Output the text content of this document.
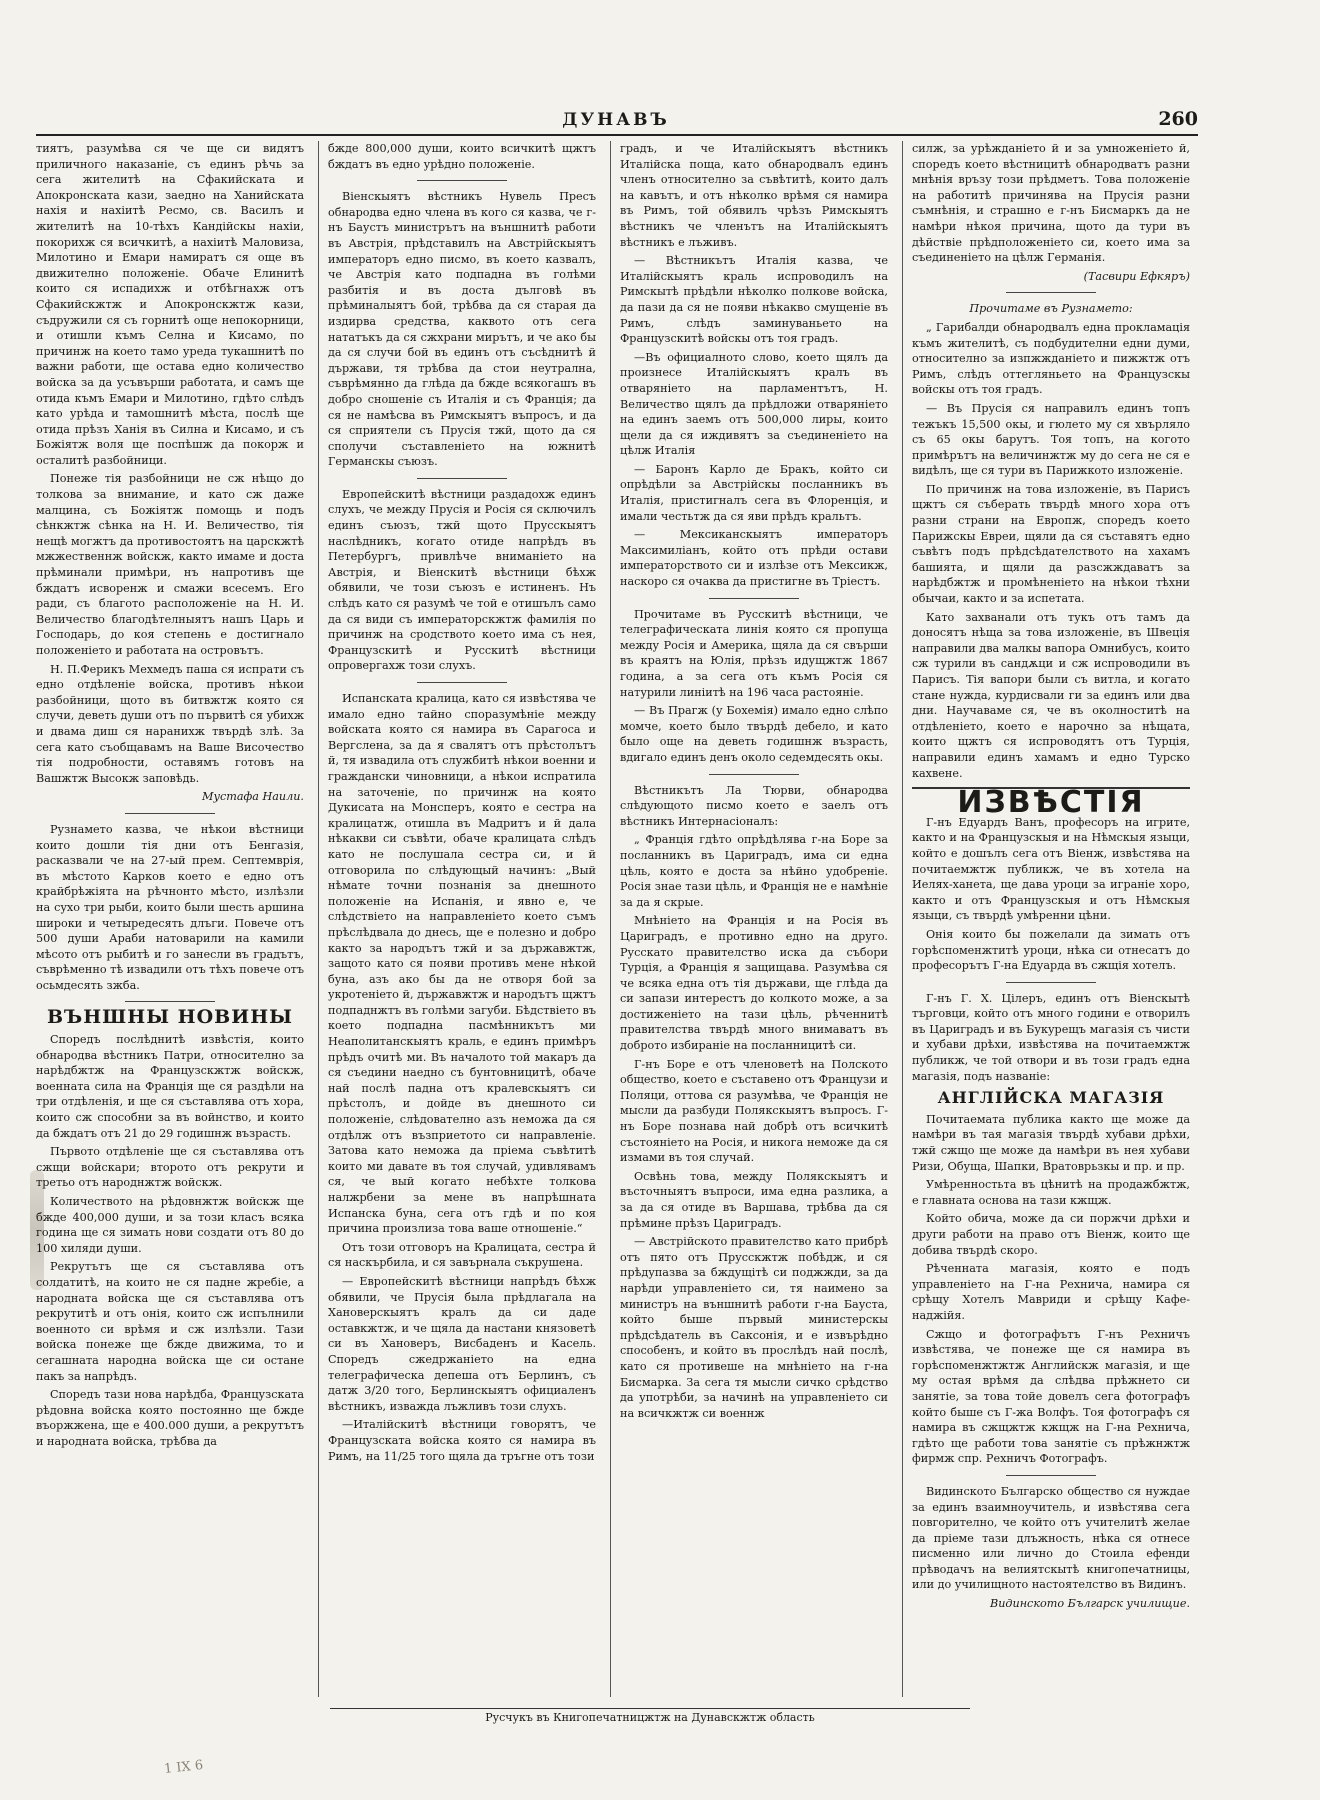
ДУНАВЪ	260

тиятъ, разумѣва ся че ще си видятъ приличного наказаніе, съ единъ рѣчь за сега жителитѣ на Сфакийската и Апокронската кази, заедно на Ханийската нахія и нахіитѣ Ресмо, св. Василъ и жителитѣ на 10-тѣхъ Кандійскы нахіи, покорихж ся всичкитѣ, а нахіитѣ Маловиза, Милотино и Емари намиратъ ся още въ движително положеніе. Обаче Елинитѣ които ся испадихж и отбѣгнахж отъ Сфакийскжтж и Апокронскжтж кази, съдружили ся съ горнитѣ още непокорници, и отишли къмъ Селна и Кисамо, по причинж на което тамо уреда тукашнитѣ по важни работи, ще остава едно количество войска за да усъвърши работата, и самъ ще отида къмъ Емари и Милотино, гдѣто слѣдъ като урѣда и тамошнитѣ мѣста, послѣ ще отида прѣзъ Ханія въ Силна и Кисамо, и съ Божіятж воля ще поспѣшж да покорж и осталитѣ разбойници.

Понеже тія разбойници не сж нѣщо до толкова за внимание, и като сж даже малцина, съ Божіятж помощь и подъ сѣнкжтж сѣнка на Н. И. Величество, тія нещѣ могжтъ да противостоятъ на царскжтѣ мжжественнж войскж, както имаме и доста прѣминали примѣри, нъ напротивъ ще бждатъ исворенж и смажи всесемъ. Его ради, съ благото расположеніе на Н. И. Величество благодѣтелныятъ нашъ Царь и Господарь, до коя степень е достигнало положеніето и работата на островътъ.

Н. П.Ферикъ Мехмедъ паша ся испрати съ едно отдѣленіе войска, противъ нѣкои разбойници, щото въ битвжтж която ся случи, деветь души отъ по първитѣ ся убихж и двама диш ся наранихж твърдѣ злѣ. За сега като съобщавамъ на Ваше Височество тія подробности, оставямъ готовъ на Вашжтж Высокж заповѣдь.

Мустафа Наили.

Рузнамето казва, че нѣкои вѣстници които дошли тія дни отъ Бенгазія, расказвали че на 27-ый прем. Септемврія, въ мѣстото Карков което е едно отъ крайбрѣжіята на рѣчнонто мѣсто, излѣзли на сухо три рыби, които были шесть аршина широки и четыредесять длъги. Повече отъ 500 души Араби натоварили на камили мѣсото отъ рыбитѣ и го занесли въ градътъ, съврѣменно тѣ извадили отъ тѣхъ повече отъ осьмдесять зжба.

ВЪНШНЫ НОВИНЫ

Споредъ послѣднитѣ извѣстія, които обнародва вѣстникъ Патри, относително за нарѣдбжтж на Французскжтж войскж, военната сила на Франція ще ся раздѣли на три отдѣленія, и ще ся съставлява отъ хора, които сж способни за въ войнство, и които да бждатъ отъ 21 до 29 годишнж възрасть.

Първото отдѣленіе ще ся съставлява отъ сжщи войскари; второто отъ рекрути и третьо отъ народнжтж войскж.

Количеството на рѣдовнжтж войскж ще бжде 400,000 души, и за този класъ всяка година ще ся зимать нови создати отъ 80 до 100 хиляди души.

Рекрутътъ ще ся съставлява отъ солдатитѣ, на които не ся падне жребіе, а народната войска ще ся съставлява отъ рекрутитѣ и отъ онія, които сж испълнили военното си врѣмя и сж излѣзли. Тази войска понеже ще бжде движима, то и сегашната народна войска ще си остане пакъ за напрѣдъ.

Споредъ тази нова нарѣдба, Французската рѣдовна войска която постоянно ще бжде въоржжена, ще е 400.000 души, а рекрутътъ и народната войска, трѣбва да

бжде 800,000 души, които всичкитѣ щжтъ бждатъ въ едно урѣдно положеніе.

Віенскыятъ вѣстникъ Нувель Пресъ обнародва едно члена въ кого ся казва, че г-нъ Баустъ министрътъ на външнитѣ работи въ Австрія, прѣдставилъ на Австрійскыятъ императоръ едно писмо, въ което казвалъ, че Австрія като подпадна въ голѣми разбитія и въ доста дълговѣ въ прѣминалыятъ бой, трѣбва да ся старая да издирва средства, каквото отъ сега нататъкъ да ся сжхрани мирътъ, и че ако бы да ся случи бой въ единъ отъ съсѣднитѣ й държави, тя трѣбва да стои неутрална, съврѣмянно да глѣда да бжде всякогашъ въ добро сношеніе съ Италія и съ Франція; да ся не намѣсва въ Римскыятъ въпросъ, и да ся сприятели съ Прусія тжй, щото да ся сполучи съставленіето на южнитѣ Германскы съюзъ.

Европейскитѣ вѣстници раздадохж единъ слухъ, че между Прусія и Росія ся сключилъ единъ съюзъ, тжй щото Прусскыятъ наслѣдникъ, когато отиде напрѣдъ въ Петербургъ, привлѣче вниманіето на Австрія, и Віенскитѣ вѣстници бѣхж обявили, че този съюзъ е истиненъ. Нъ слѣдъ като ся разумѣ че той е отишълъ само да ся види съ императорскжтж фамилія по причинж на сродството което има съ нея, Французскитѣ и Русскитѣ вѣстници опровергахж този слухъ.

Испанската кралица, като ся извѣстява че имало едно тайно споразумѣніе между войската която ся намира въ Сарагоса и Вергслена, за да я свалятъ отъ прѣстолътъ й, тя извадила отъ службитѣ нѣкои военни и граждански чиновници, а нѣкои испратила на заточеніе, по причинж на която Дукисата на Монсперъ, която е сестра на кралицатж, отишла въ Мадритъ и й дала нѣкакви си съвѣти, обаче кралицата слѣдъ като не послушала сестра си, и й отговорила по слѣдующый начинъ: „Вый нѣмате точни познанія за днешното положеніе на Испанія, и явно е, че слѣдствіето на направленіето което съмъ прѣслѣдвала до днесь, ще е полезно и добро както за народътъ тжй и за държавжтж, защото като ся появи противъ мене нѣкой буна, азъ ако бы да не отворя бой за укротеніето й, държавжтж и народътъ щжтъ подпаднжтъ въ голѣми загуби. Бѣдствіето въ което подпадна пасмѣнникътъ ми Неаполитанскыятъ краль, е единъ примѣръ прѣдъ очитѣ ми. Въ началото той макаръ да ся съедини наедно съ бунтовницитѣ, обаче най послѣ падна отъ кралевскыятъ си прѣстолъ, и дойде въ днешното си положеніе, слѣдователно азъ неможа да ся отдѣлж отъ възприетото си направленіе. Затова като неможа да пріема съвѣтитѣ които ми давате въ тоя случай, удивлявамъ ся, че вый когато небѣхте толкова налжрбени за мене въ напрѣшната Испанска буна, сега отъ гдѣ и по коя причина произлиза това ваше отношеніе.“

Отъ този отговоръ на Кралицата, сестра й ся наскърбила, и ся завърнала съкрушена.

— Европейскитѣ вѣстници напрѣдъ бѣхж обявили, че Прусія была прѣдлагала на Хановерскыятъ кралъ да си даде оставкжтж, и че щяла да настани князоветѣ си въ Хановеръ, Висбаденъ и Касель. Споредъ сжедржаніето на една телеграфическа депеша отъ Берлинъ, съ датж 3/20 того, Берлинскыятъ официаленъ вѣстникъ, изважда лъжливъ този слухъ.

—Италійскитѣ вѣстници говорятъ, че Французската войска която ся намира въ Римъ, на 11/25 того щяла да тръгне отъ този

градъ, и че Италійскыятъ вѣстникъ Италійска поща, като обнародвалъ единъ членъ относително за съвѣтитѣ, които далъ на кавътъ, и отъ нѣколко врѣмя ся намира въ Римъ, той обявилъ чрѣзъ Римскыятъ вѣстникъ че членътъ на Италійскыятъ вѣстникъ е лъживъ.

— Вѣстникътъ Италія казва, че Италійскыятъ краль испроводилъ на Римскытѣ прѣдѣли нѣколко полкове войска, да пази да ся не появи нѣкакво смущеніе въ Римъ, слѣдъ заминуваньето на Французскитѣ войскы отъ тоя градъ.

—Въ официалното слово, което щялъ да произнесе Италійскыятъ кралъ въ отваряніето на парламентътъ, Н. Величество щялъ да прѣдложи отваряніето на единъ заемъ отъ 500,000 лиры, които щели да ся иждивятъ за съединеніето на цѣлж Италія

— Баронъ Карло де Бракъ, който си опрѣдѣли за Австрійскы посланникъ въ Италія, пристигналъ сега въ Флоренція, и имали честьтж да ся яви прѣдъ кральтъ.

— Мексиканскыятъ императоръ Максимиліанъ, който отъ прѣди остави императорството си и излѣзе отъ Мексикж, наскоро ся очаква да пристигне въ Тріестъ.

Прочитаме въ Русскитѣ вѣстници, че телеграфическата линія която ся пропуща между Росія и Америка, щяла да ся свърши въ краятъ на Юлія, прѣзъ идущжтж 1867 година, а за сега отъ къмъ Росія ся натурили линіитѣ на 196 часа растояніе.

— Въ Прагж (у Бохемія) имало едно слѣпо момче, което было твърдѣ дебело, и като было още на деветь годишнж възрасть, вдигало единъ денъ около седемдесять окы.

Вѣстникътъ Ла Тюрви, обнародва слѣдующото писмо което е заелъ отъ вѣстникъ Интернасіоналъ:

„ Франція гдѣто опрѣдѣлява г-на Боре за посланникъ въ Цариградъ, има си една цѣль, която е доста за нѣйно удобреніе. Росія знае тази цѣль, и Франція не е намѣніе за да я скрые.

Мнѣніето на Франція и на Росія въ Цариградъ, е противно едно на друго. Русскато правителство иска да събори Турція, а Франція я защищава. Разумѣва ся че всяка една отъ тія държави, ще глѣда да си запази интерестъ до колкото може, а за достиженіето на тази цѣль, рѣченнитѣ правителства твърдѣ много внимаватъ въ доброто избираніе на посланницитѣ си.

Г-нъ Боре е отъ членоветѣ на Полското общество, което е съставено отъ Французи и Поляци, оттова ся разумѣва, че Франція не мысли да разбуди Полякскыятъ въпросъ. Г-нъ Боре познава най добрѣ отъ всичкитѣ състояніето на Росія, и никога неможе да ся измами въ тоя случай.

Освѣнь това, между Полякскыятъ и въсточныятъ въпроси, има една разлика, а за да ся отиде въ Варшава, трѣбва да ся прѣмине прѣзъ Цариградъ.

— Австрійското правителство като прибрѣ отъ пято отъ Прусскжтж побѣдж, и ся прѣдупазва за бждущітѣ си поджжди, за да нарѣди управленіето си, тя наимено за министръ на външнитѣ работи г-на Бауста, който быше първый министерскы прѣдсѣдатель въ Саксонія, и е извърѣдно способенъ, и който въ прослѣдъ най послѣ, като ся противеше на мнѣніето на г-на Бисмарка. За сега тя мысли сичко срѣдство да употрѣби, за начинѣ на управленіето си на всичкжтж си военнж

силж, за урѣжданіето й и за умноженіето й, споредъ което вѣстницитѣ обнародватъ разни мнѣнія връзу този прѣдметъ. Това положеніе на работитѣ причинява на Прусія разни съмнѣнія, и страшно е г-нъ Бисмаркъ да не намѣри нѣкоя причина, щото да тури въ дѣйствіе прѣдположеніето си, което има за съединеніето на цѣлж Германія.

(Тасвири Ефкяръ)

Прочитаме въ Рузнамето:

„ Гарибалди обнародвалъ една прокламація къмъ жителитѣ, съ подбудителни едни думи, относително за изпжжданіето и пижжтж отъ Римъ, слѣдъ оттегляньето на Французскы войскы отъ тоя градъ.

— Въ Прусія ся направилъ единъ топъ тежъкъ 15,500 окы, и гюлето му ся хвърляло съ 65 окы барутъ. Тоя топъ, на когото примѣрътъ на величинжтж му до сега не ся е видѣлъ, ще ся тури въ Парижкото изложеніе.

По причинж на това изложеніе, въ Парисъ щжтъ ся съберать твърдѣ много хора отъ разни страни на Европж, споредъ което Парижскы Евреи, щяли да ся съставятъ едно съвѣтъ подъ прѣдсѣдателството на хахамъ башията, и щяли да разсжждаватъ за нарѣдбжтж и промѣненіето на нѣкои тѣхни обычаи, както и за испетата.

Като захванали отъ тукъ отъ тамъ да доносятъ нѣща за това изложеніе, въ Швеція направили два малкы вапора Омнибусъ, които сж турили въ сандѫци и сж испроводили въ Парисъ. Тія вапори были съ витла, и когато стане нужда, курдисвали ги за единъ или два дни. Научаваме ся, че въ околноститѣ на отдѣленіето, което е нарочно за нѣщата, които щжтъ ся испроводятъ отъ Турція, направили единъ хамамъ и едно Турско кахвене.

ИЗВѢСТІЯ

Г-нъ Едуардъ Ванъ, професоръ на игрите, както и на Французскыя и на Нѣмскыя языци, който е дошълъ сега отъ Віенж, извѣстява на почитаемжтж публикж, че въ хотела на Иелях-ханета, ще дава уроци за играніе хоро, както и отъ Французскыя и отъ Нѣмскыя языци, съ твърдѣ умѣренни цѣни.

Онія които бы пожелали да зимать отъ горѣспоменжтитѣ уроци, нѣка си отнесатъ до професорътъ Г-на Едуарда въ сжщія хотелъ.

Г-нъ Г. Х. Цілеръ, единъ отъ Віенскытѣ търговци, който отъ много години е отворилъ въ Цариградъ и въ Букурещъ магазія съ чисти и хубави дрѣхи, извѣстява на почитаемжтж публикж, че той отвори и въ този градъ една магазія, подъ названіе:

АНГЛІЙСКА МАГАЗІЯ

Почитаемата публика както ще може да намѣри въ тая магазія твърдѣ хубави дрѣхи, тжй сжщо ще може да намѣри въ нея хубави Ризи, Обуща, Шапки, Вратоврьзкы и пр. и пр.

Умѣренностьта въ цѣнитѣ на продажбжтж, е главната основа на тази кжщж.

Който обича, може да си поржчи дрѣхи и други работи на право отъ Віенж, които ще добива твърдѣ скоро.

Рѣченната магазія, която е подъ управленіето на Г-на Рехнича, намира ся срѣщу Хотелъ Мавриди и срѣщу Кафе-наджійя.

Сжщо и фотографътъ Г-нъ Рехничъ извѣстява, че понеже ще ся намира въ горѣспоменжтжтж Английскж магазія, и ще му остая врѣмя да слѣдва прѣжнето си занятіе, за това тойе довелъ сега фотографъ който быше съ Г-жа Волфъ. Тоя фотографъ ся намира въ сжщжтж кжщж на Г-на Рехнича, гдѣто ще работи това занятіе съ прѣжнжтж фирмж спр. Рехничъ Фотографъ.

Видинското Българско общество ся нуждае за единъ взаимноучитель, и извѣстява сега повгорително, че който отъ учителитѣ желае да пріеме тази длъжность, нѣка ся отнесе писменно или лично до Стоила ефенди прѣводачъ на велиятскытѣ книгопечатницы, или до училищното настоятелство въ Видинъ.

Видинското Българск училищие.

Русчукъ въ Книгопечатницжтж на Дунавскжтж область
1 IX 6
